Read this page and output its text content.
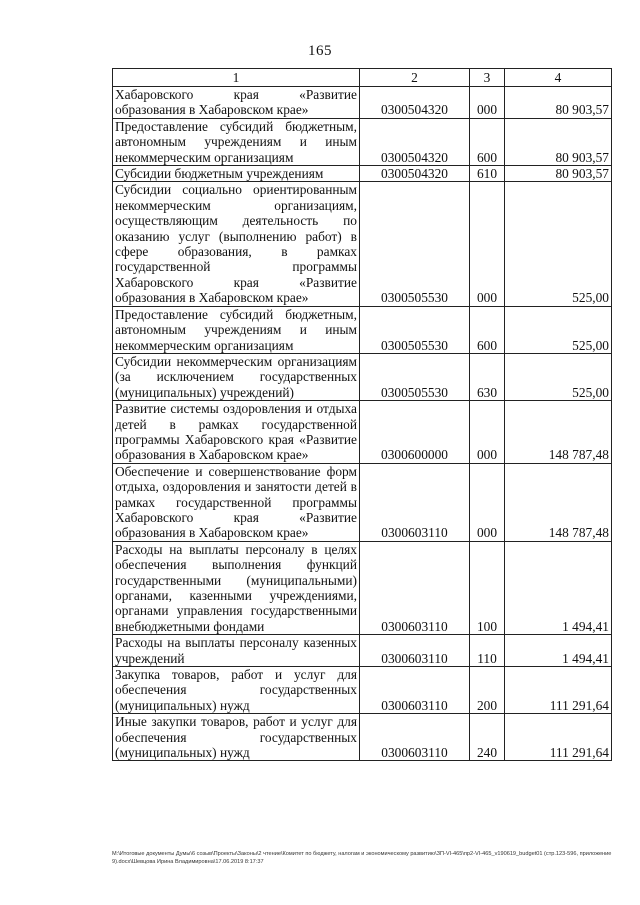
165
1	2	3	4
Хабаровского края «Развитие образования в Хабаровском крае»	0300504320	000	80 903,57
Предоставление субсидий бюджетным, автономным учреждениям и иным некоммерческим организациям	0300504320	600	80 903,57
Субсидии бюджетным учреждениям	0300504320	610	80 903,57
Субсидии социально ориентированным некоммерческим организациям, осуществляющим деятельность по оказанию услуг (выполнению работ) в сфере образования, в рамках государственной программы Хабаровского края «Развитие образования в Хабаровском крае»	0300505530	000	525,00
Предоставление субсидий бюджетным, автономным учреждениям и иным некоммерческим организациям	0300505530	600	525,00
Субсидии некоммерческим организациям (за исключением государственных (муниципальных) учреждений)	0300505530	630	525,00
Развитие системы оздоровления и отдыха детей в рамках государственной программы Хабаровского края «Развитие образования в Хабаровском крае»	0300600000	000	148 787,48
Обеспечение и совершенствование форм отдыха, оздоровления и занятости детей в рамках государственной программы Хабаровского края «Развитие образования в Хабаровском крае»	0300603110	000	148 787,48
Расходы на выплаты персоналу в целях обеспечения выполнения функций государственными (муниципальными) органами, казенными учреждениями, органами управления государственными внебюджетными фондами	0300603110	100	1 494,41
Расходы на выплаты персоналу казенных учреждений	0300603110	110	1 494,41
Закупка товаров, работ и услуг для обеспечения государственных (муниципальных) нужд	0300603110	200	111 291,64
Иные закупки товаров, работ и услуг для обеспечения государственных (муниципальных) нужд	0300603110	240	111 291,64
M:\Итоговые документы Думы\6 созыв\Проекты\Законы\2 чтение\Комитет по бюджету, налогам и экономическому развитию\ЗП-VI-465\пр2-VI-465_v190619_budget01 (стр.123-596, приложение 9).docx\Шевцова Ирина Владимировна\17.06.2019 8:17:37
